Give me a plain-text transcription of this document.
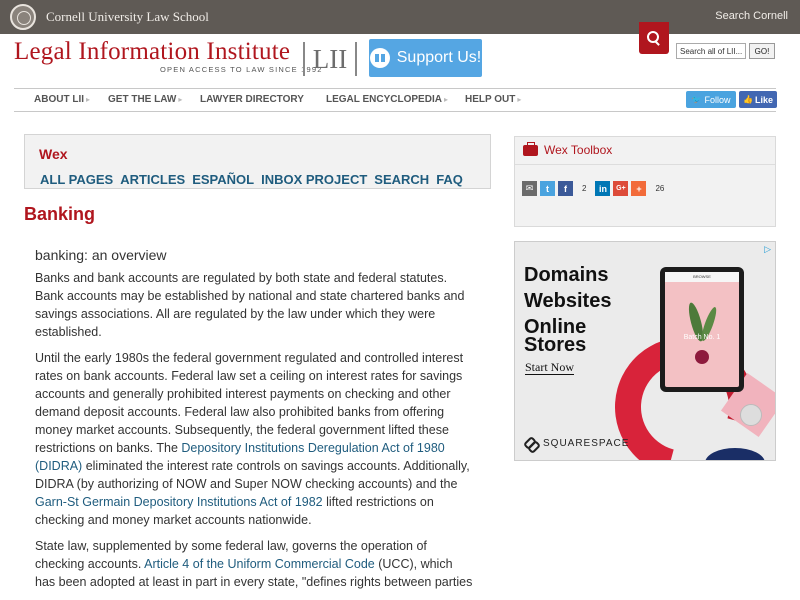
Cornell University Law School	Search Cornell
Legal Information Institute
OPEN ACCESS TO LAW SINCE 1992
LII	Support Us!
Search all of LII...	GO!
ABOUT LII ▸ GET THE LAW ▸ LAWYER DIRECTORY LEGAL ENCYCLOPEDIA ▸ HELP OUT ▸	🐦 Follow 👍 Like
Wex
ALL PAGES ARTICLES ESPAÑOL INBOX PROJECT SEARCH FAQ
Banking
banking: an overview

Banks and bank accounts are regulated by both state and federal statutes. Bank accounts may be established by national and state chartered banks and savings associations. All are regulated by the law under which they were established.

Until the early 1980s the federal government regulated and controlled interest rates on bank accounts. Federal law set a ceiling on interest rates for savings accounts and generally prohibited interest payments on checking and other demand deposit accounts. Federal law also prohibited banks from offering money market accounts. Subsequently, the federal government lifted these restrictions on banks. The Depository Institutions Deregulation Act of 1980 (DIDRA) eliminated the interest rate controls on savings accounts. Additionally, DIDRA (by authorizing of NOW and Super NOW checking accounts) and the Garn-St Germain Depository Institutions Act of 1982 lifted restrictions on checking and money market accounts nationwide.

State law, supplemented by some federal law, governs the operation of checking accounts. Article 4 of the Uniform Commercial Code (UCC), which has been adopted at least in part in every state, "defines rights between parties

Wex Toolbox
✉	t	f	2	in	G+	+	26
BROWSE
Batch No. 1
▷
Domains
Websites
Online
Stores
Start Now
SQUARESPACE
